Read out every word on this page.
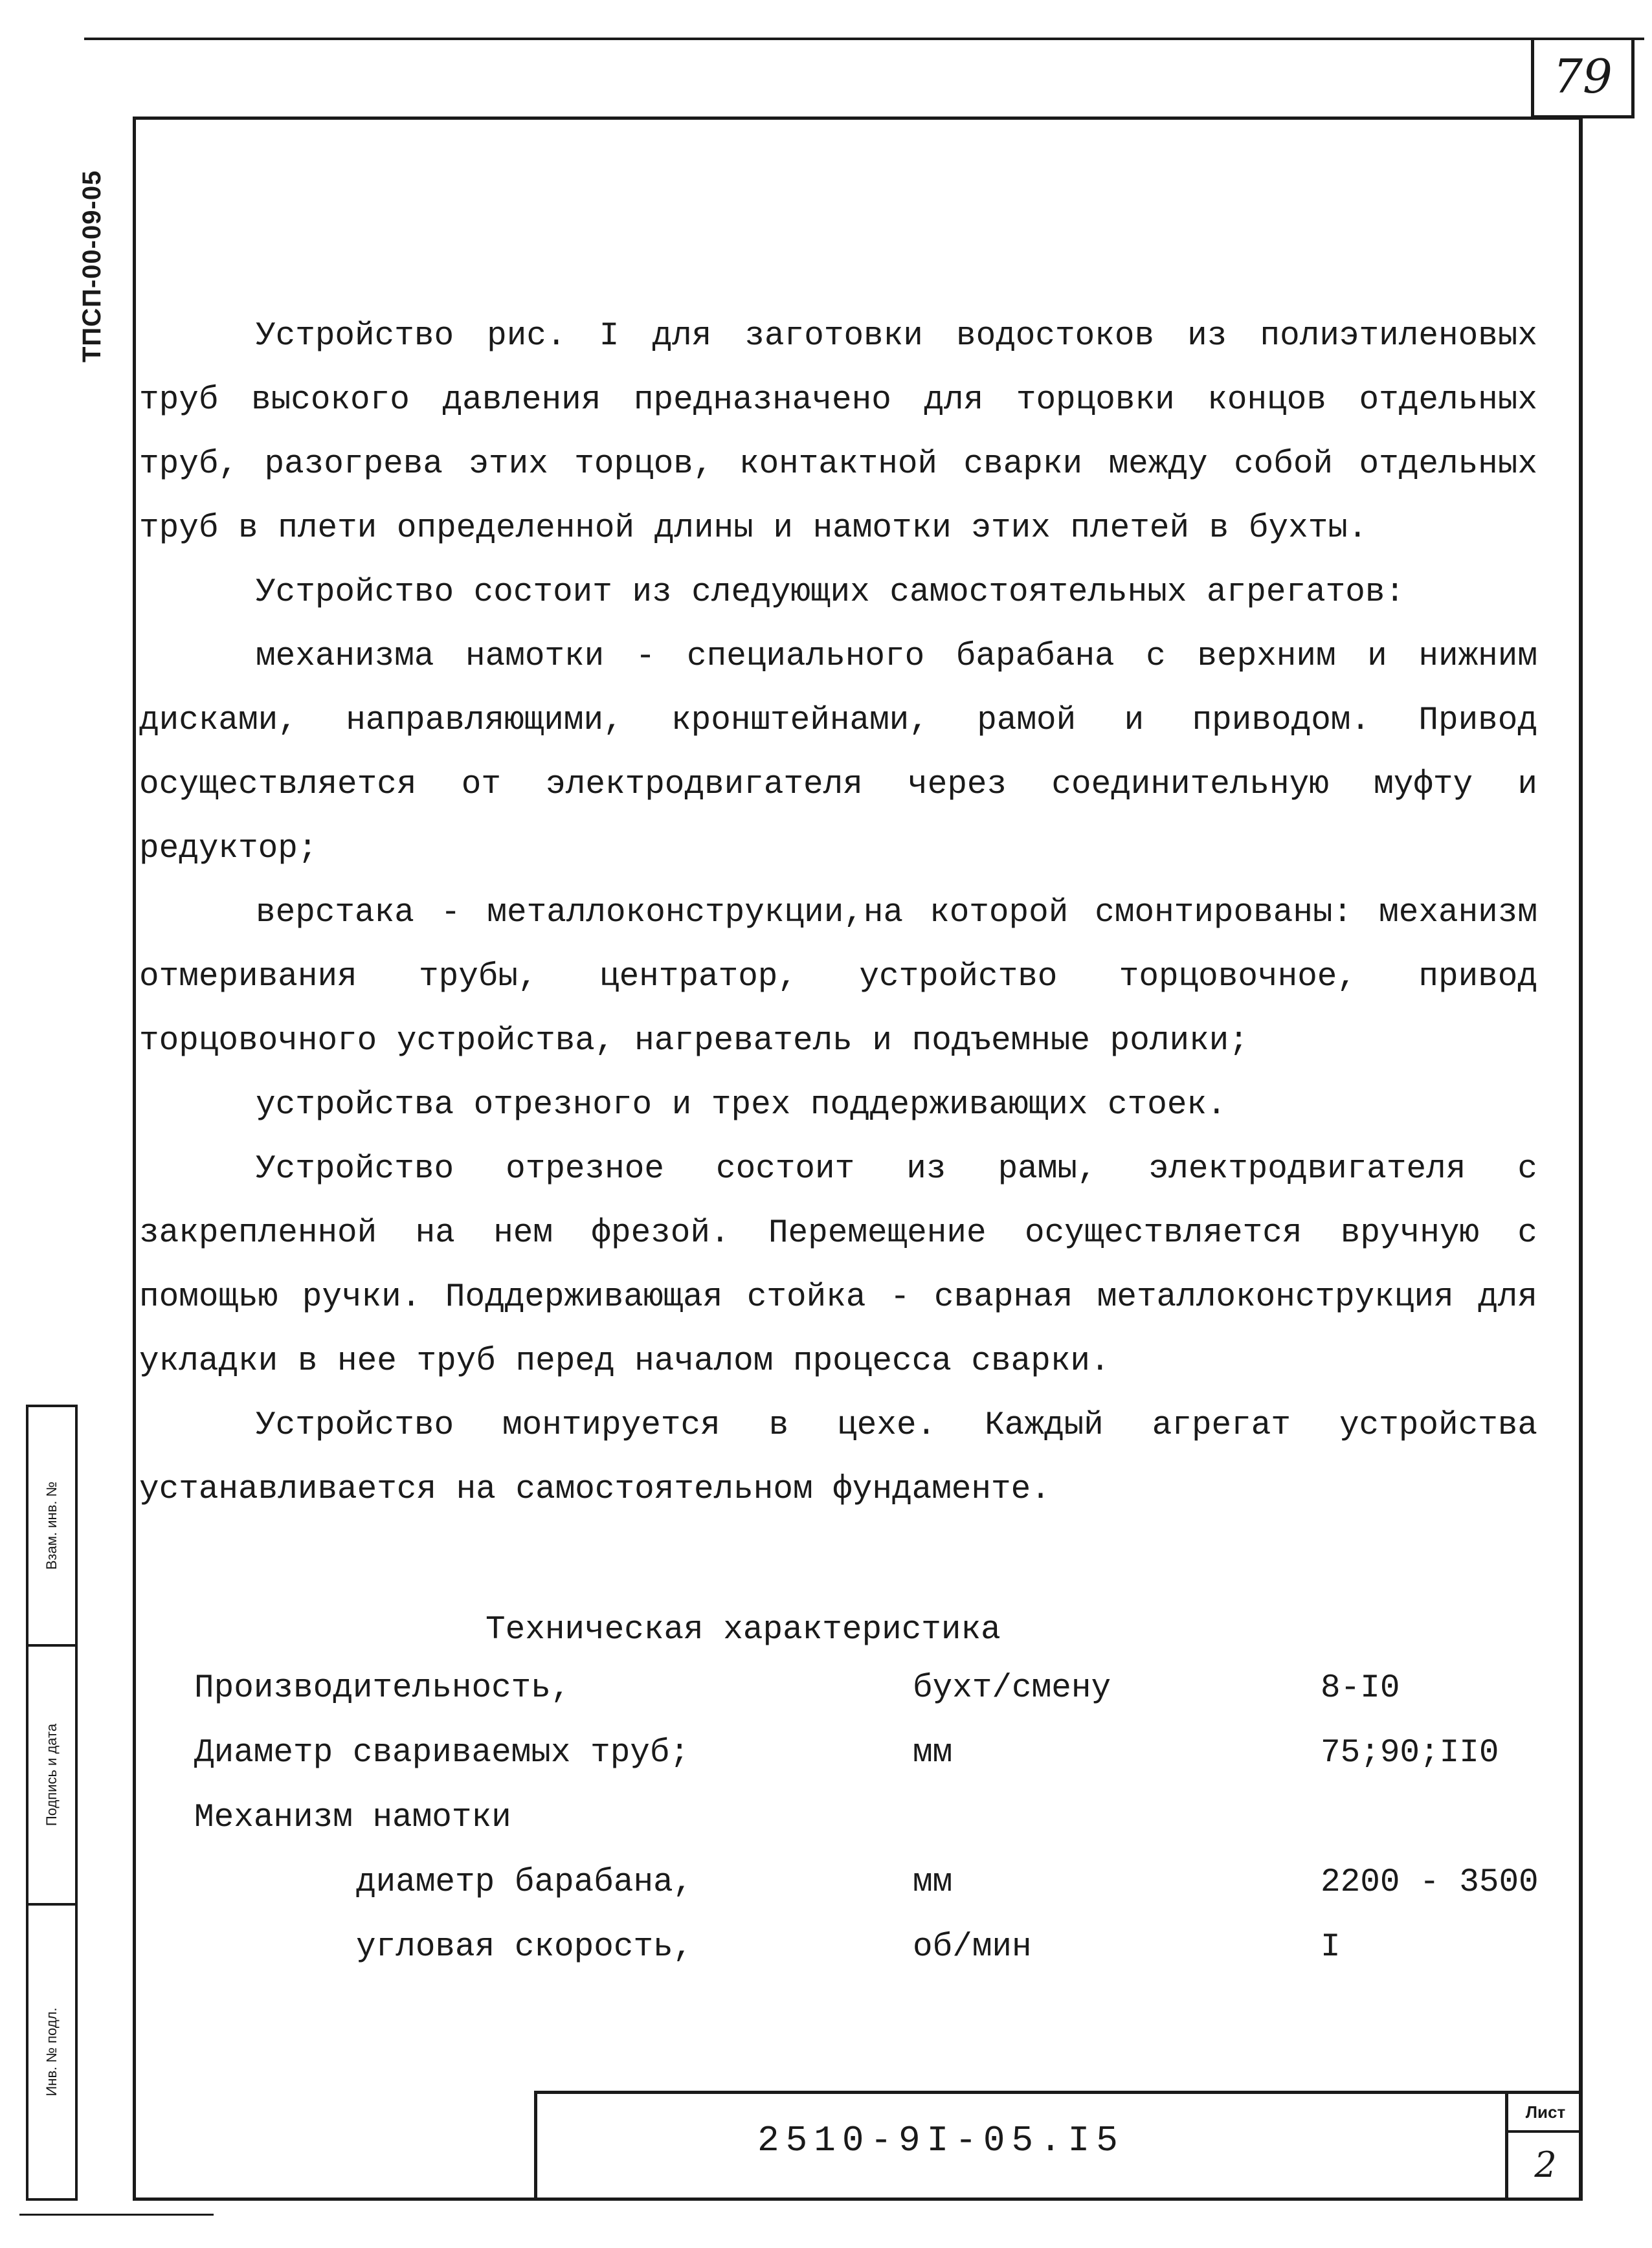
79
ТПСП-00-09-05	Устройство рис. I для заготовки водостоков из полиэтиленовых труб высокого давления предназначено для торцовки концов отдельных труб, разогрева этих торцов, контактной сварки между собой отдельных труб в плети определенной длины и намотки этих плетей в бухты.

Устройство состоит из следующих самостоятельных агрегатов:

механизма намотки - специального барабана с верхним и нижним дисками, направляющими, кронштейнами, рамой и приводом. Привод осуществляется от электродвигателя через соединительную муфту и редуктор;

верстака - металлоконструкции,на которой смонтированы: механизм отмеривания трубы, центратор, устройство торцовочное, привод торцовочного устройства, нагреватель и подъемные ролики;

устройства отрезного и трех поддерживающих стоек.

Устройство отрезное состоит из рамы, электродвигателя с закрепленной на нем фрезой. Перемещение осуществляется вручную с помощью ручки. Поддерживающая стойка - сварная металлоконструкция для укладки в нее труб перед началом процесса сварки.

Устройство монтируется в цехе. Каждый агрегат устройства устанавливается на самостоятельном фундаменте.

Техническая характеристика
Производительность,	бухт/смену	8-I0
Диаметр свариваемых труб;	мм	75;90;II0
Механизм намотки
диаметр барабана,	мм	2200 - 3500
угловая скорость,	об/мин	I
Взам. инв. №
Подпись и дата
Инв. № подл.
2510-9I-05.I5
Лист
2
